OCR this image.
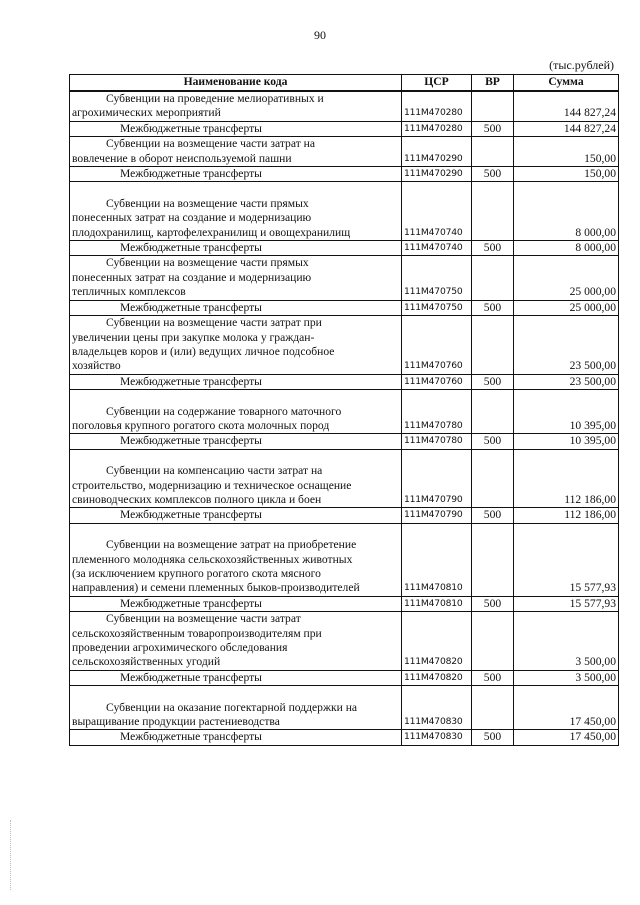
90
(тыс.рублей)
Наименование кода	ЦСР	ВР	Сумма

Субвенции на проведение мелиоративных и
агрохимических мероприятий	111М470280		144 827,24

Межбюджетные трансферты	111М470280	500	144 827,24

Субвенции на возмещение части затрат на
вовлечение в оборот неиспользуемой пашни	111М470290		150,00

Межбюджетные трансферты	111М470290	500	150,00

Субвенции на возмещение части прямых
понесенных затрат на создание и модернизацию
плодохранилищ, картофелехранилищ и овощехранилищ	111М470740		8 000,00

Межбюджетные трансферты	111М470740	500	8 000,00

Субвенции на возмещение части прямых
понесенных затрат на создание и модернизацию
тепличных комплексов	111М470750		25 000,00

Межбюджетные трансферты	111М470750	500	25 000,00

Субвенции на возмещение части затрат при
увеличении цены при закупке молока у граждан-
владельцев коров и (или) ведущих личное подсобное
хозяйство	111М470760		23 500,00

Межбюджетные трансферты	111М470760	500	23 500,00

Субвенции на содержание товарного маточного
поголовья крупного рогатого скота молочных пород	111М470780		10 395,00

Межбюджетные трансферты	111М470780	500	10 395,00

Субвенции на компенсацию части затрат на
строительство, модернизацию и техническое оснащение
свиноводческих комплексов полного цикла и боен	111М470790		112 186,00

Межбюджетные трансферты	111М470790	500	112 186,00

Субвенции на возмещение затрат на приобретение
племенного молодняка сельскохозяйственных животных
(за исключением крупного рогатого скота мясного
направления) и семени племенных быков-производителей	111М470810		15 577,93

Межбюджетные трансферты	111М470810	500	15 577,93

Субвенции на возмещение части затрат
сельскохозяйственным товаропроизводителям при
проведении агрохимического обследования
сельскохозяйственных угодий	111М470820		3 500,00

Межбюджетные трансферты	111М470820	500	3 500,00

Субвенции на оказание погектарной поддержки на
выращивание продукции растениеводства	111М470830		17 450,00

Межбюджетные трансферты	111М470830	500	17 450,00
